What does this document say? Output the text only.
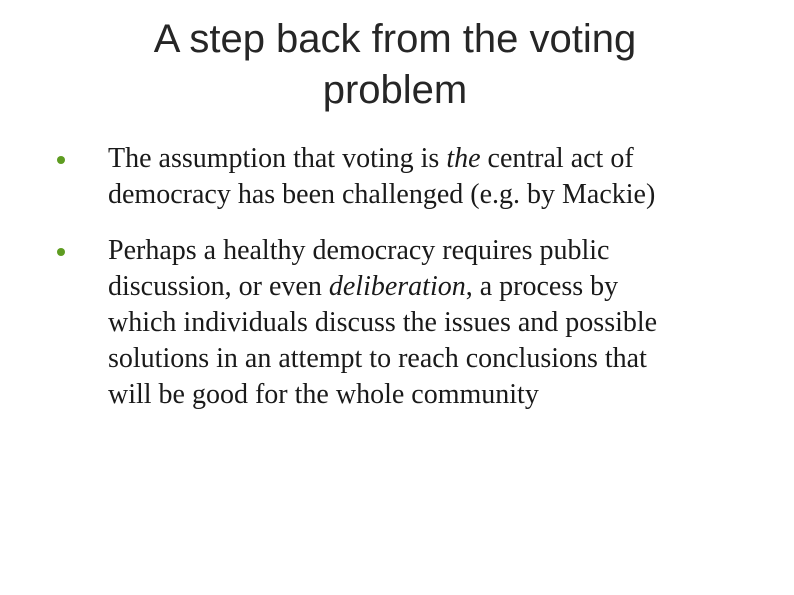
A step back from the voting
problem
The assumption that voting is the central act of
democracy has been challenged (e.g. by Mackie)
Perhaps a healthy democracy requires public
discussion, or even deliberation, a process by
which individuals discuss the issues and possible
solutions in an attempt to reach conclusions that
will be good for the whole community
